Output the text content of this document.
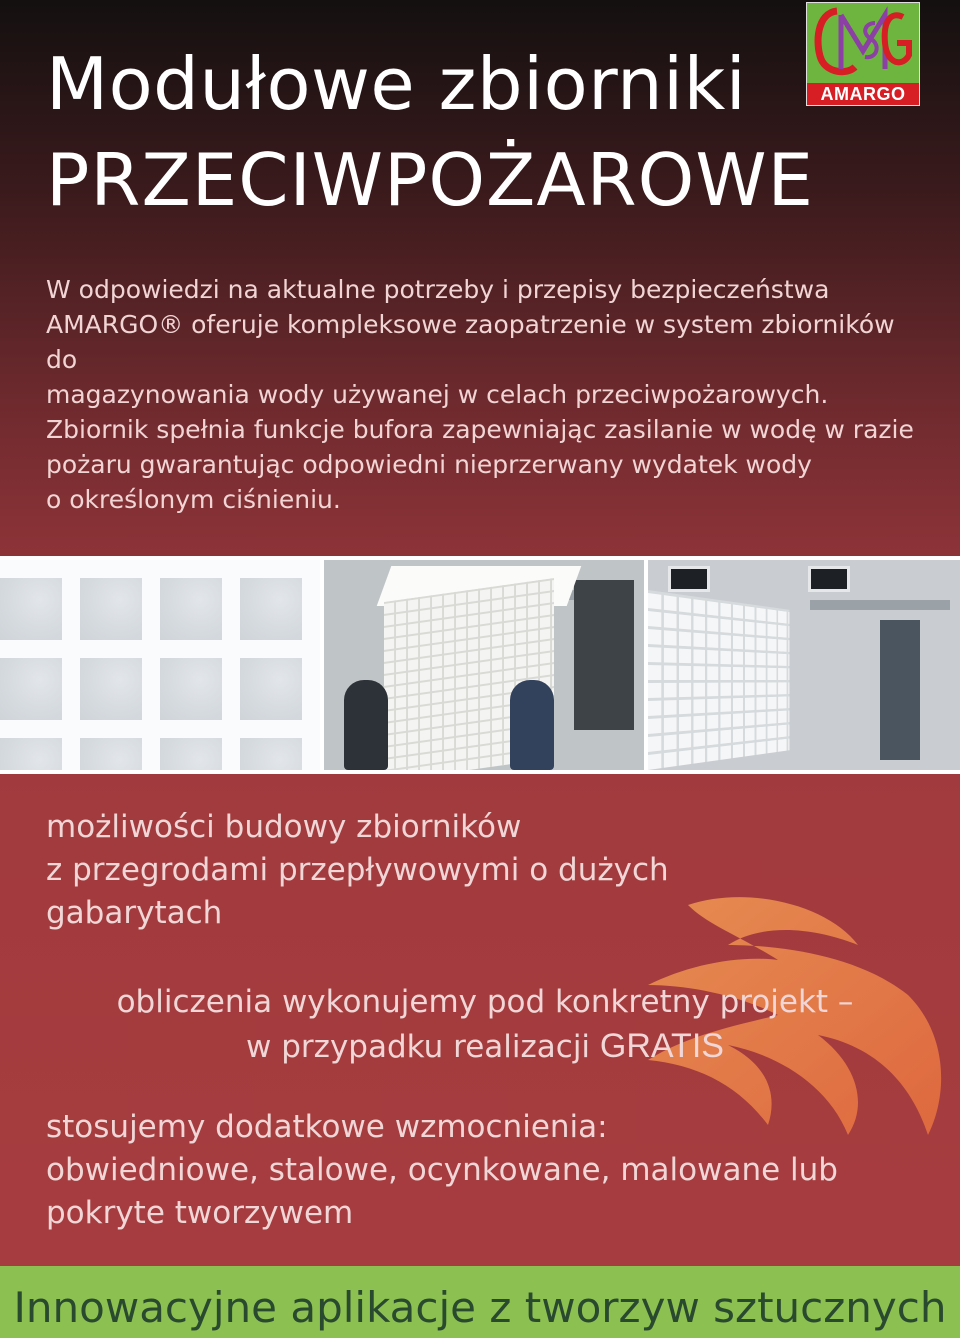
Modułowe zbiorniki
PRZECIWPOŻAROWE
AMARGO

W odpowiedzi na aktualne potrzeby i przepisy bezpieczeństwa
AMARGO® oferuje kompleksowe zaopatrzenie w system zbiorników do
magazynowania wody używanej w celach przeciwpożarowych.

Zbiornik spełnia funkcje bufora zapewniając zasilanie w wodę w razie
pożaru gwarantując odpowiedni nieprzerwany wydatek wody
o określonym ciśnieniu.

możliwości budowy zbiorników
z przegrodami przepływowymi o dużych
gabarytach

obliczenia wykonujemy pod konkretny projekt –
w przypadku realizacji GRATIS

stosujemy dodatkowe wzmocnienia:
obwiedniowe, stalowe, ocynkowane, malowane lub
pokryte tworzywem

Innowacyjne aplikacje z tworzyw sztucznych
